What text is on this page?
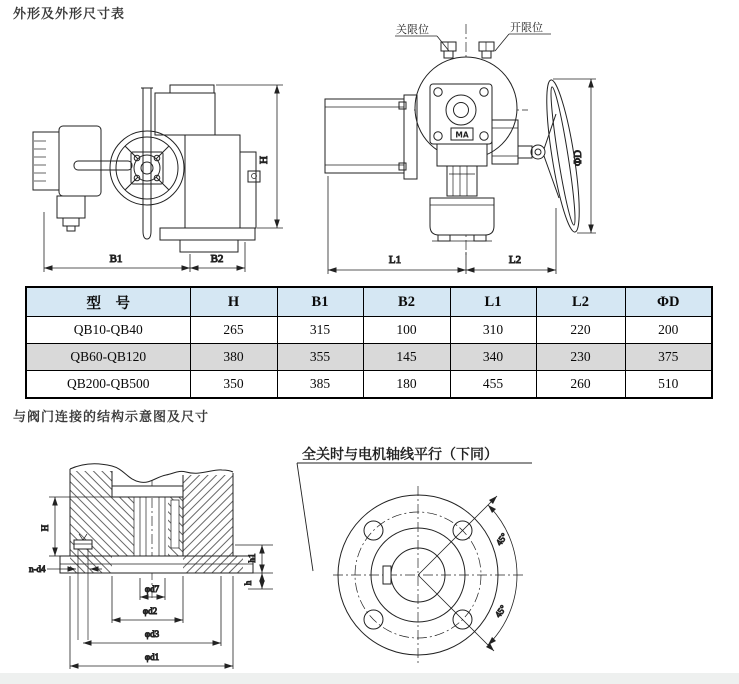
外形及外形尺寸表
H
B1	B2
MA
ΦD
L1	L2
关限位	开限位
型　号	H	B1	B2	L1	L2	ΦD
QB10-QB40	265	315	100	310	220	200
QB60-QB120	380	355	145	340	230	375
QB200-QB500	350	385	180	455	260	510
与阀门连接的结构示意图及尺寸
H
n-d4
h1
h
φd7
φd2
φd3
φd1
45°
45°
全关时与电机轴线平行（下同）
